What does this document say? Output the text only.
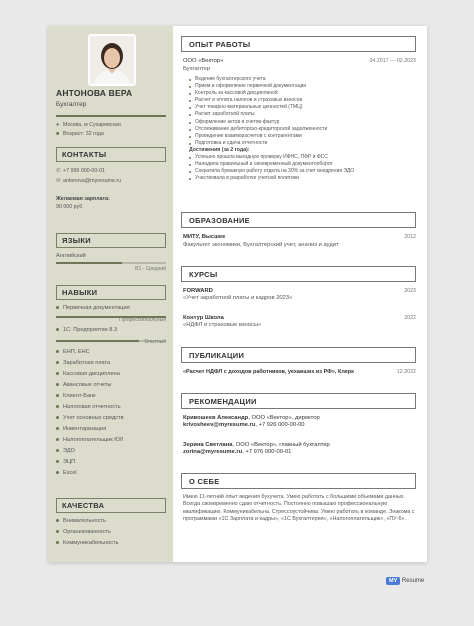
АНТОНОВА ВЕРА
Бухгалтер
● Москва, м Сухаревская
■ Возраст: 32 года
КОНТАКТЫ
✆ +7 999 000-00-01
✉ antonova@myresume.ru
Желаемая зарплата:
90 000 руб
ЯЗЫКИ
Английский
B1 - Средний
НАВЫКИ
Первичная документация
Профессиональный
1С: Предприятие 8.3
Опытный
ЕНП, ЕНС
Заработная плата
Кассовая дисциплина
Авансовые отчеты
Клиент-Банк
Налоговая отчетность
Учет основных средств
Инвентаризация
Налогоплательщик ЮЛ
ЭДО
ЭЦП
Excel
КАЧЕСТВА
Внимательность
Организованность
Коммуникабельность
ОПЫТ РАБОТЫ
ООО «Вектор»	04.2017 — 02.2023
Бухгалтер
Ведение бухгалтерского учета
Прием и оформление первичной документации
Контроль за кассовой дисциплиной
Расчет и оплата налогов и страховых взносов
Учет товарно-материальных ценностей (ТМЦ)
Расчет заработной платы
Оформление актов и счетов-фактур
Отслеживание дебиторско-кредиторской задолженности
Проведение взаиморасчетов с контрагентами
Подготовка и сдача отчетности
Достижения (за 2 года):
Успешно прошла выездную проверку ИФНС, ПФР и ФСС
Наладила правильный и своевременный документооборот
Сократила бумажную работу отдела на 30% за счет внедрения ЭДО
Участвовала в разработке учетной политики
ОБРАЗОВАНИЕ
МИТУ, Высшее	2012
Факультет экономики, Бухгалтерский учет, анализ и аудит
КУРСЫ
FORWARD	2023
«Учет заработной платы и кадров 2023»
Контур Школа	2022
«НДФЛ и страховые взносы»
ПУБЛИКАЦИИ
«Расчет НДФЛ с доходов работников, уехавших из РФ», Клерк	12.2022
РЕКОМЕНДАЦИИ
Кривошеев Александр, ООО «Вектор», директор
krivosheev@myresume.ru, +7 926 000-00-00
Зерина Светлана, ООО «Вектор», главный бухгалтер
zorina@myresume.ru, +7 976 000-00-01
О СЕБЕ
Имею 11-летний опыт ведения бухучета. Умею работать с большими объемами данных. Всегда своевременно сдаю отчетность. Постоянно повышаю профессиональную квалификацию. Коммуникабельна. Стрессоустойчива. Умею работать в команде. Знакома с программами «1С Зарплата и кадры», «1С Бухгалтерия», «Налогоплательщик», «ПУ-6».
MY Resume
